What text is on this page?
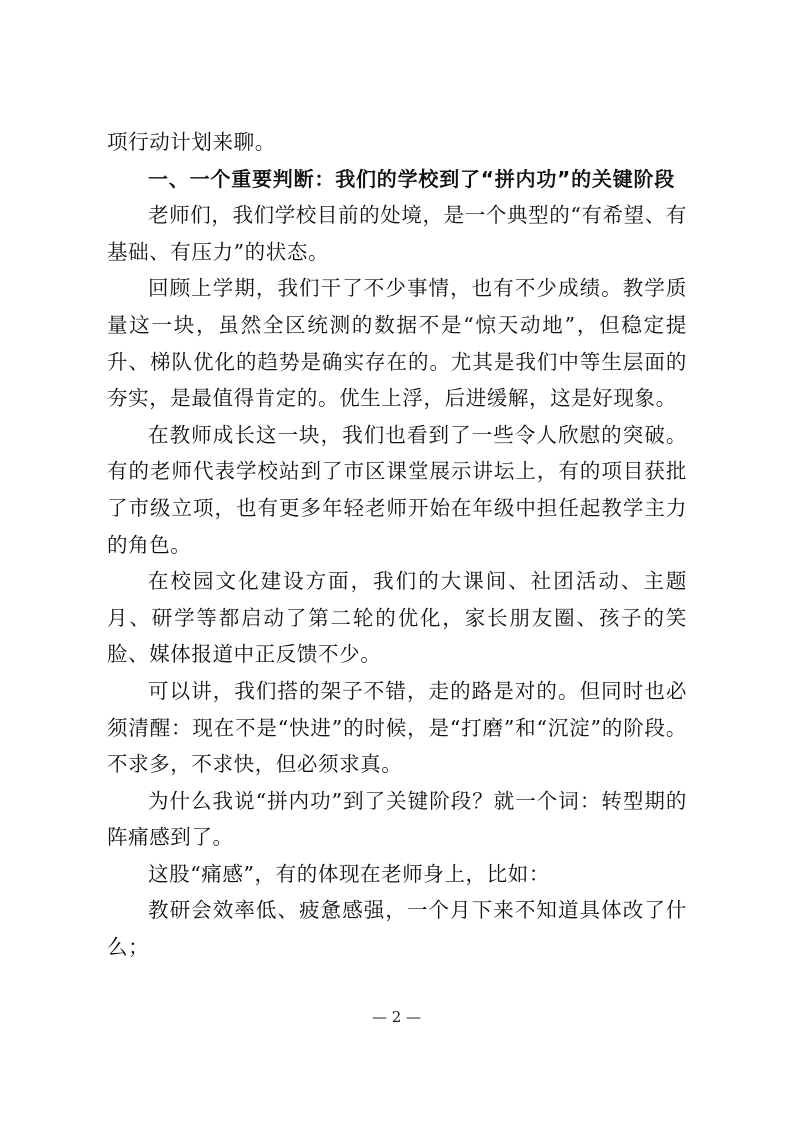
项行动计划来聊。

一、一个重要判断：我们的学校到了“拼内功”的关键阶段

老师们，我们学校目前的处境，是一个典型的“有希望、有基础、有压力”的状态。

回顾上学期，我们干了不少事情，也有不少成绩。教学质量这一块，虽然全区统测的数据不是“惊天动地”，但稳定提升、梯队优化的趋势是确实存在的。尤其是我们中等生层面的夯实，是最值得肯定的。优生上浮，后进缓解，这是好现象。

在教师成长这一块，我们也看到了一些令人欣慰的突破。有的老师代表学校站到了市区课堂展示讲坛上，有的项目获批了市级立项，也有更多年轻老师开始在年级中担任起教学主力的角色。

在校园文化建设方面，我们的大课间、社团活动、主题月、研学等都启动了第二轮的优化，家长朋友圈、孩子的笑脸、媒体报道中正反馈不少。

可以讲，我们搭的架子不错，走的路是对的。但同时也必须清醒：现在不是“快进”的时候，是“打磨”和“沉淀”的阶段。不求多，不求快，但必须求真。

为什么我说“拼内功”到了关键阶段？就一个词：转型期的阵痛感到了。

这股“痛感”，有的体现在老师身上，比如：

教研会效率低、疲惫感强，一个月下来不知道具体改了什么；

— 2 —
